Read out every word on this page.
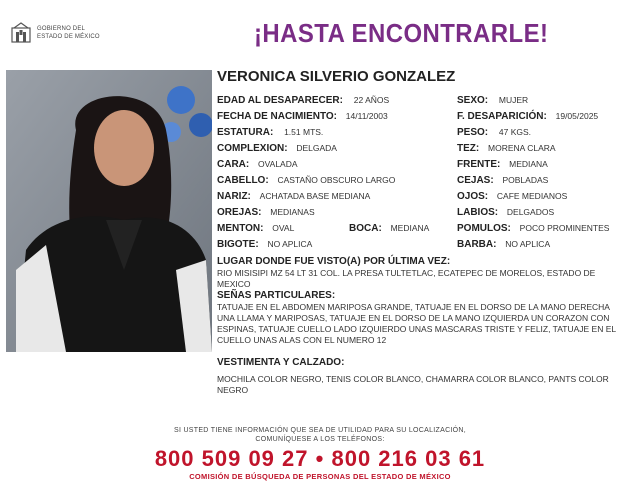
GOBIERNO DEL
ESTADO DE MÉXICO	¡HASTA ENCONTRARLE!
VERONICA SILVERIO GONZALEZ
EDAD AL DESAPARECER: 22 AÑOS
FECHA DE NACIMIENTO: 14/11/2003
ESTATURA: 1.51 MTS.
COMPLEXION: DELGADA
CARA: OVALADA
CABELLO: CASTAÑO OBSCURO LARGO
NARIZ: ACHATADA BASE MEDIANA
OREJAS: MEDIANAS
MENTON: OVAL	BOCA: MEDIANA
BIGOTE: NO APLICA
SEXO: MUJER
F. DESAPARICIÓN: 19/05/2025
PESO: 47 KGS.
TEZ: MORENA CLARA
FRENTE: MEDIANA
CEJAS: POBLADAS
OJOS: CAFE MEDIANOS
LABIOS: DELGADOS
POMULOS: POCO PROMINENTES
BARBA: NO APLICA
LUGAR DONDE FUE VISTO(A) POR ÚLTIMA VEZ:
RIO MISISIPI MZ 54 LT 31 COL. LA PRESA TULTETLAC, ECATEPEC DE MORELOS, ESTADO DE MEXICO
SEÑAS PARTICULARES:
TATUAJE EN EL ABDOMEN MARIPOSA GRANDE, TATUAJE EN EL DORSO DE LA MANO DERECHA UNA LLAMA Y MARIPOSAS, TATUAJE EN EL DORSO DE LA MANO IZQUIERDA UN CORAZON CON ESPINAS, TATUAJE CUELLO LADO IZQUIERDO UNAS MASCARAS TRISTE Y FELIZ, TATUAJE EN EL CUELLO UNAS ALAS CON EL NUMERO 12
VESTIMENTA Y CALZADO:
MOCHILA COLOR NEGRO, TENIS COLOR BLANCO, CHAMARRA COLOR BLANCO, PANTS COLOR NEGRO
SI USTED TIENE INFORMACIÓN QUE SEA DE UTILIDAD PARA SU LOCALIZACIÓN,
COMUNÍQUESE A LOS TELÉFONOS:
800 509 09 27 • 800 216 03 61
COMISIÓN DE BÚSQUEDA DE PERSONAS DEL ESTADO DE MÉXICO
